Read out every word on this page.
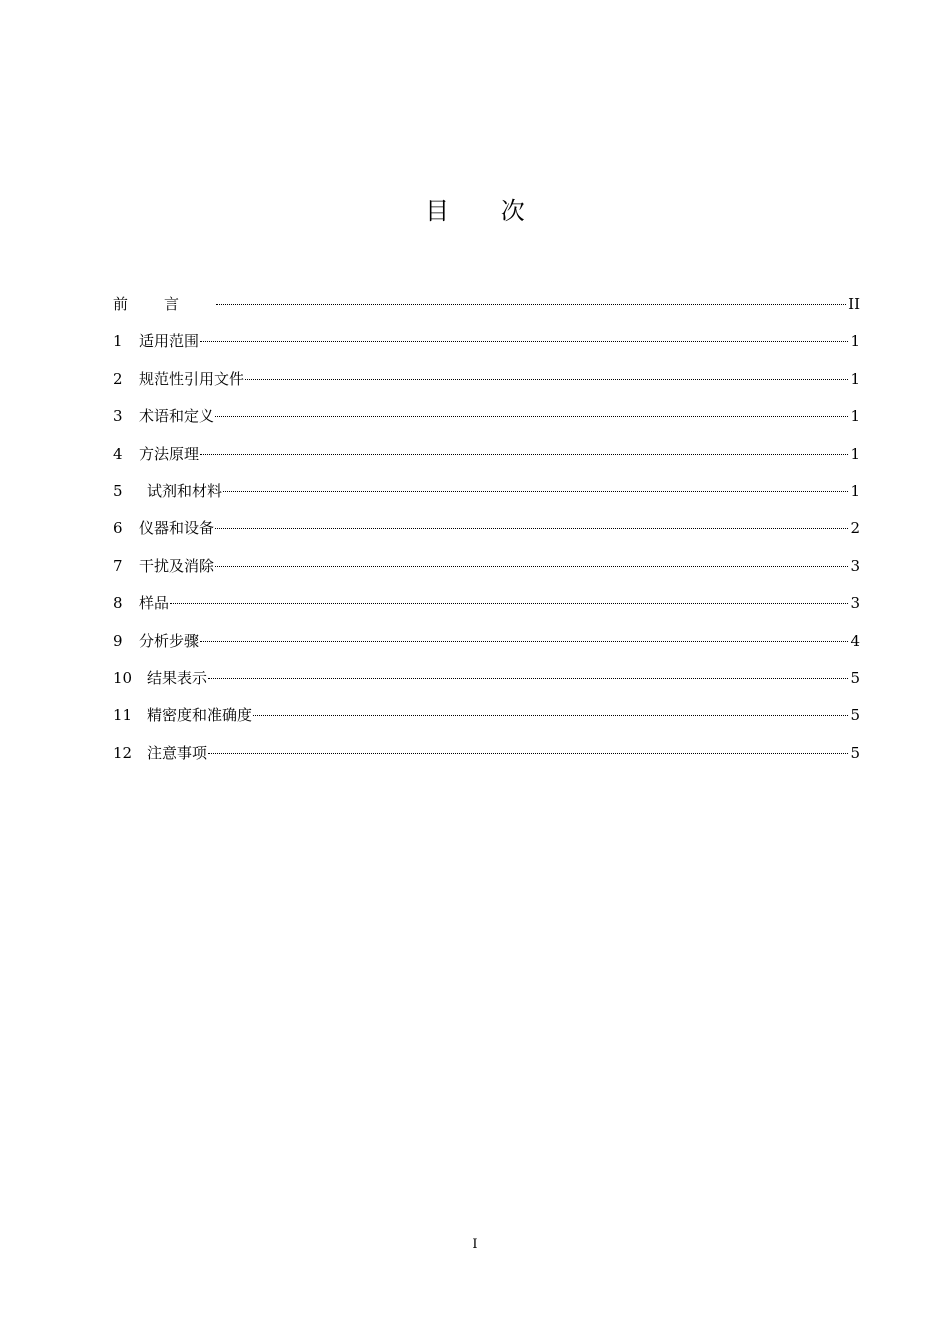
目 次
前言	II
1	适用范围	1
2	规范性引用文件	1
3	术语和定义	1
4	方法原理	1
5	试剂和材料	1
6	仪器和设备	2
7	干扰及消除	3
8	样品	3
9	分析步骤	4
10 结果表示	5
11 精密度和准确度	5
12 注意事项	5
I
